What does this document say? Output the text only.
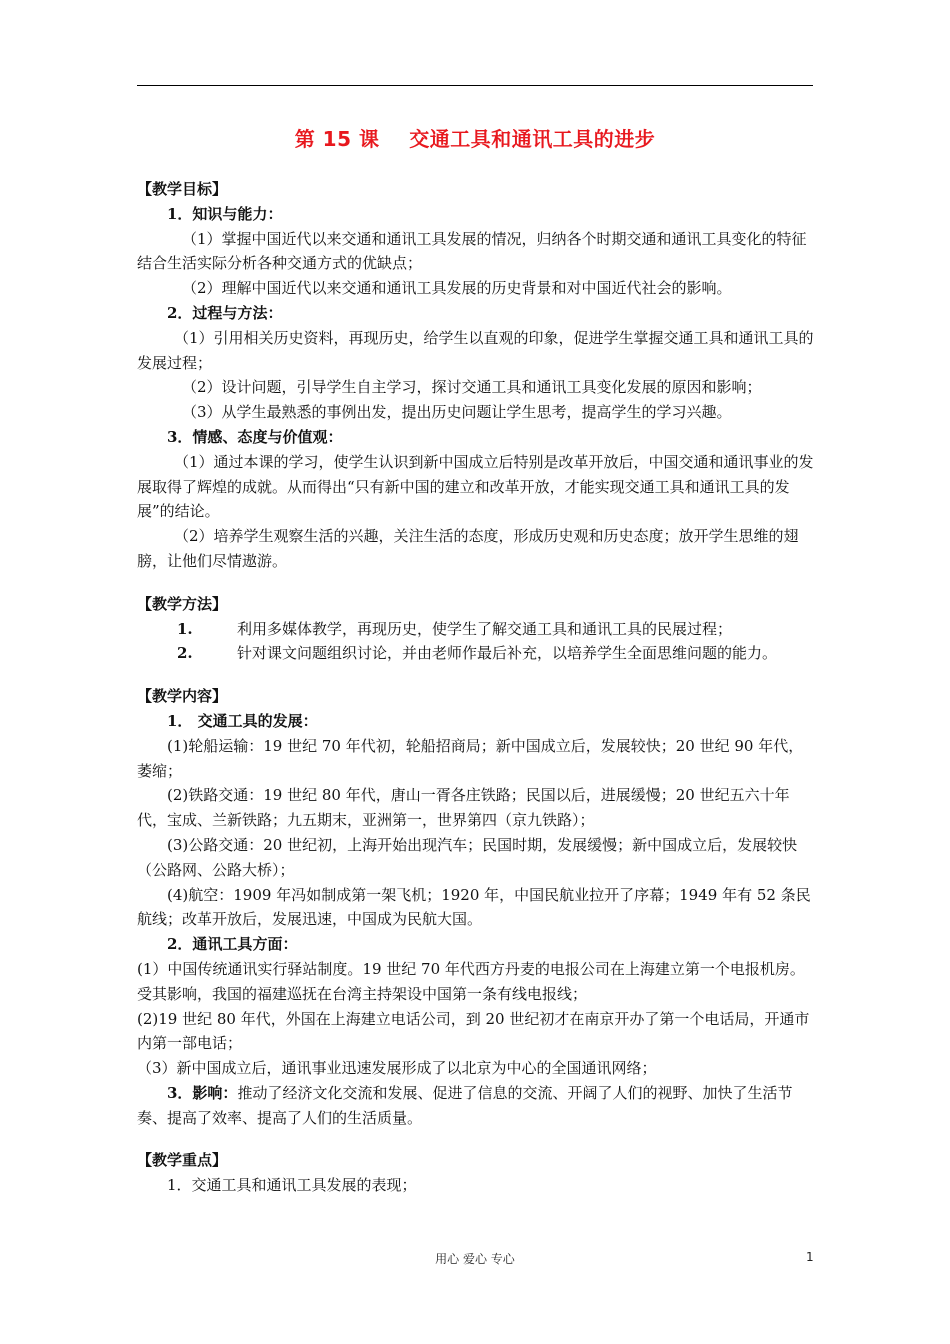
第 15 课    交通工具和通讯工具的进步

【教学目标】

1．知识与能力：

（1）掌握中国近代以来交通和通讯工具发展的情况，归纳各个时期交通和通讯工具变化的特征结合生活实际分析各种交通方式的优缺点；

（2）理解中国近代以来交通和通讯工具发展的历史背景和对中国近代社会的影响。

2．过程与方法：

（1）引用相关历史资料，再现历史，给学生以直观的印象，促进学生掌握交通工具和通讯工具的发展过程；

（2）设计问题，引导学生自主学习，探讨交通工具和通讯工具变化发展的原因和影响；

（3）从学生最熟悉的事例出发，提出历史问题让学生思考，提高学生的学习兴趣。

3．情感、态度与价值观：

（1）通过本课的学习，使学生认识到新中国成立后特别是改革开放后，中国交通和通讯事业的发展取得了辉煌的成就。从而得出“只有新中国的建立和改革开放，才能实现交通工具和通讯工具的发展”的结论。

（2）培养学生观察生活的兴趣，关注生活的态度，形成历史观和历史态度；放开学生思维的翅膀，让他们尽情遨游。

【教学方法】

1.	利用多媒体教学，再现历史，使学生了解交通工具和通讯工具的民展过程；
2.	针对课文问题组织讨论，并由老师作最后补充，以培养学生全面思维问题的能力。

【教学内容】

1． 交通工具的发展：

(1)轮船运输：19 世纪 70 年代初，轮船招商局；新中国成立后，发展较快；20 世纪 90 年代，萎缩；

(2)铁路交通：19 世纪 80 年代，唐山一胥各庄铁路；民国以后，进展缓慢；20 世纪五六十年代，宝成、兰新铁路；九五期末，亚洲第一，世界第四（京九铁路）；

(3)公路交通：20 世纪初，上海开始出现汽车；民国时期，发展缓慢；新中国成立后，发展较快（公路网、公路大桥）；

(4)航空：1909 年冯如制成第一架飞机；1920 年，中国民航业拉开了序幕；1949 年有 52 条民航线；改革开放后，发展迅速，中国成为民航大国。

2．通讯工具方面：

(1）中国传统通讯实行驿站制度。19 世纪 70 年代西方丹麦的电报公司在上海建立第一个电报机房。受其影响，我国的福建巡抚在台湾主持架设中国第一条有线电报线；

(2)19 世纪 80 年代，外国在上海建立电话公司，到 20 世纪初才在南京开办了第一个电话局，开通市内第一部电话；

（3）新中国成立后，通讯事业迅速发展形成了以北京为中心的全国通讯网络；

3．影响：推动了经济文化交流和发展、促进了信息的交流、开阔了人们的视野、加快了生活节奏、提高了效率、提高了人们的生活质量。

【教学重点】

1．交通工具和通讯工具发展的表现；

用心 爱心 专心	1
